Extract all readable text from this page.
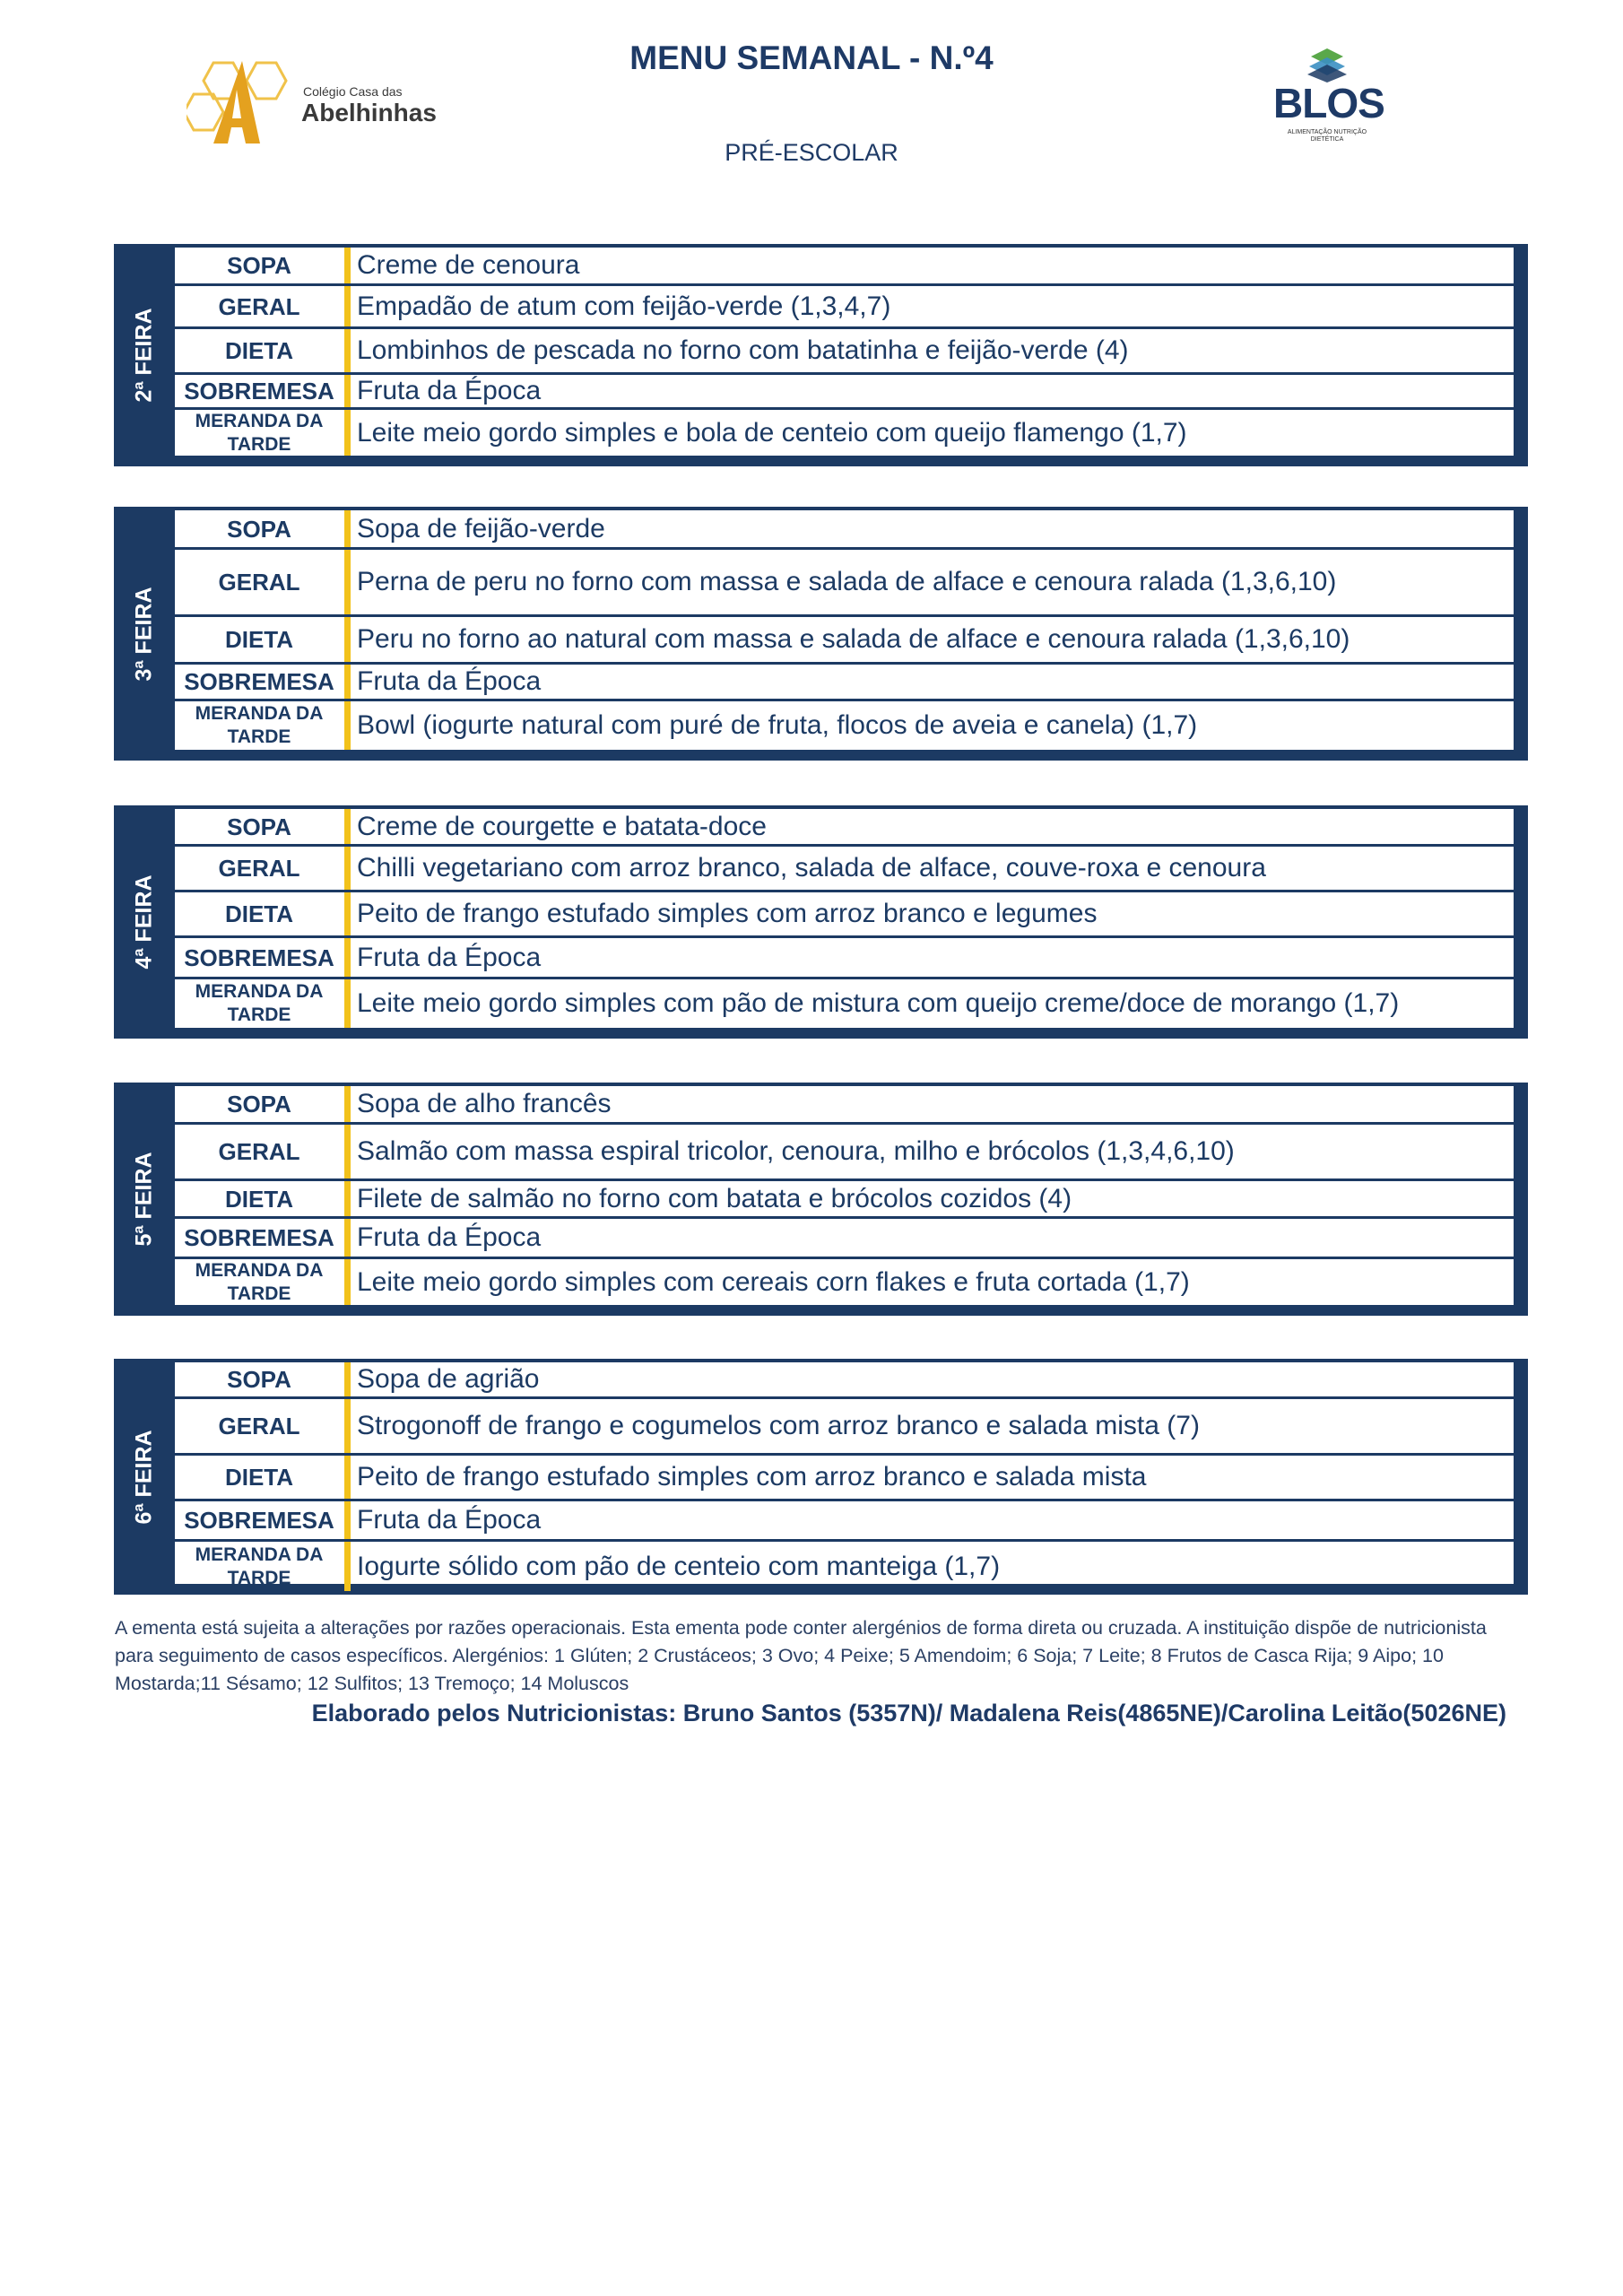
Colégio Casa das
Abelhinhas
MENU SEMANAL - N.º4
PRÉ-ESCOLAR
BLOS
ALIMENTAÇÃO NUTRIÇÃO DIETÉTICA
2ª FEIRA
SOPA	Creme de cenoura
GERAL	Empadão de atum com feijão-verde (1,3,4,7)
DIETA	Lombinhos de pescada no forno com batatinha e feijão-verde (4)
SOBREMESA Fruta da Época
MERANDA DA TARDE	Leite meio gordo simples e bola de centeio com queijo flamengo (1,7)
3ª FEIRA
SOPA	Sopa de feijão-verde
GERAL	Perna de peru no forno com massa e salada de alface e cenoura ralada (1,3,6,10)
DIETA	Peru no forno ao natural com massa e salada de alface e cenoura ralada (1,3,6,10)
SOBREMESA Fruta da Época
MERANDA DA TARDE	Bowl (iogurte natural com puré de fruta, flocos de aveia e canela) (1,7)
4ª FEIRA
SOPA	Creme de courgette e batata-doce
GERAL	Chilli vegetariano com arroz branco, salada de alface, couve-roxa e cenoura
DIETA	Peito de frango estufado simples com arroz branco e legumes
SOBREMESA Fruta da Época
MERANDA DA TARDE	Leite meio gordo simples com pão de mistura com queijo creme/doce de morango (1,7)
5ª FEIRA
SOPA	Sopa de alho francês
GERAL	Salmão com massa espiral tricolor, cenoura, milho e brócolos (1,3,4,6,10)
DIETA	Filete de salmão no forno com batata e brócolos cozidos (4)
SOBREMESA Fruta da Época
MERANDA DA TARDE	Leite meio gordo simples com cereais corn flakes e fruta cortada (1,7)
6ª FEIRA
SOPA	Sopa de agrião
GERAL	Strogonoff de frango e cogumelos com arroz branco e salada mista (7)
DIETA	Peito de frango estufado simples com arroz branco e salada mista
SOBREMESA Fruta da Época
MERANDA DA TARDE	Iogurte sólido com pão de centeio com manteiga (1,7)
A ementa está sujeita a alterações por razões operacionais. Esta ementa pode conter alergénios de forma direta ou cruzada. A instituição dispõe de nutricionista para seguimento de casos específicos. Alergénios: 1 Glúten; 2 Crustáceos; 3 Ovo; 4 Peixe; 5 Amendoim; 6 Soja; 7 Leite; 8 Frutos de Casca Rija; 9 Aipo; 10 Mostarda;11 Sésamo; 12 Sulfitos; 13 Tremoço; 14 Moluscos
Elaborado pelos Nutricionistas: Bruno Santos (5357N)/ Madalena Reis(4865NE)/Carolina Leitão(5026NE)
